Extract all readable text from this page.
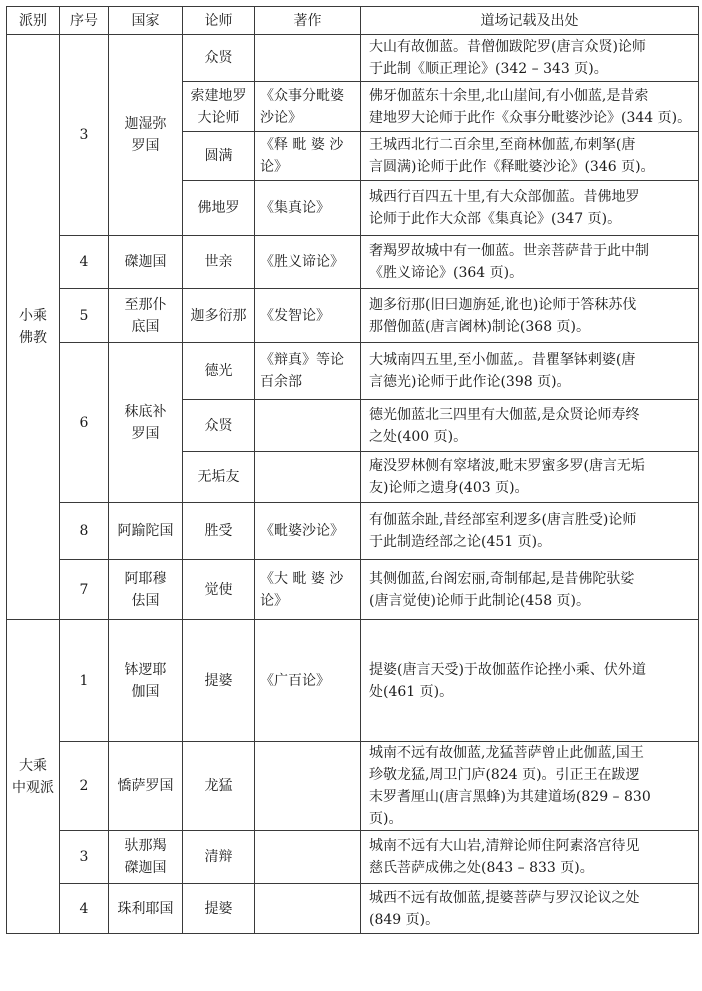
派别	序号	国家	论师	著作	道场记载及出处

小乘
佛教	3	迦湿弥
罗国	众贤		大山有故伽蓝。昔僧伽跋陀罗(唐言众贤)论师
于此制《顺正理论》(342 – 343 页)。

			索建地罗
大论师	《众事分毗婆
沙论》	佛牙伽蓝东十余里,北山崖间,有小伽蓝,是昔索
建地罗大论师于此作《众事分毗婆沙论》(344 页)。

			圆满	《释 毗 婆 沙
论》	王城西北行二百余里,至商林伽蓝,布剌拏(唐
言圆满)论师于此作《释毗婆沙论》(346 页)。

			佛地罗	《集真论》	城西行百四五十里,有大众部伽蓝。昔佛地罗
论师于此作大众部《集真论》(347 页)。

	4	磔迦国	世亲	《胜义谛论》	奢羯罗故城中有一伽蓝。世亲菩萨昔于此中制
《胜义谛论》(364 页)。

	5	至那仆
底国	迦多衍那	《发智论》	迦多衍那(旧曰迦旃延,讹也)论师于答秣苏伐
那僧伽蓝(唐言阇林)制论(368 页)。

	6	秣底补
罗国	德光	《辩真》等论
百余部	大城南四五里,至小伽蓝,。昔瞿拏钵剌婆(唐
言德光)论师于此作论(398 页)。

			众贤		德光伽蓝北三四里有大伽蓝,是众贤论师寿终
之处(400 页)。

			无垢友		庵没罗林侧有窣堵波,毗末罗蜜多罗(唐言无垢
友)论师之遗身(403 页)。

	8	阿踰陀国	胜受	《毗婆沙论》	有伽蓝余趾,昔经部室利逻多(唐言胜受)论师
于此制造经部之论(451 页)。

	7	阿耶穆
佉国	觉使	《大 毗 婆 沙
论》	其侧伽蓝,台阁宏丽,奇制郁起,是昔佛陀驮娑
(唐言觉使)论师于此制论(458 页)。

大乘
中观派	1	钵逻耶
伽国	提婆	《广百论》	提婆(唐言天受)于故伽蓝作论挫小乘、伏外道
处(461 页)。

	2	憍萨罗国	龙猛		城南不远有故伽蓝,龙猛菩萨曾止此伽蓝,国王
珍敬龙猛,周卫门庐(824 页)。引正王在跋逻
末罗耆厘山(唐言黑蜂)为其建道场(829 – 830
页)。

	3	驮那羯
磔迦国	清辩		城南不远有大山岩,清辩论师住阿素洛宫待见
慈氏菩萨成佛之处(843 – 833 页)。

	4	珠利耶国	提婆		城西不远有故伽蓝,提婆菩萨与罗汉论议之处
(849 页)。
